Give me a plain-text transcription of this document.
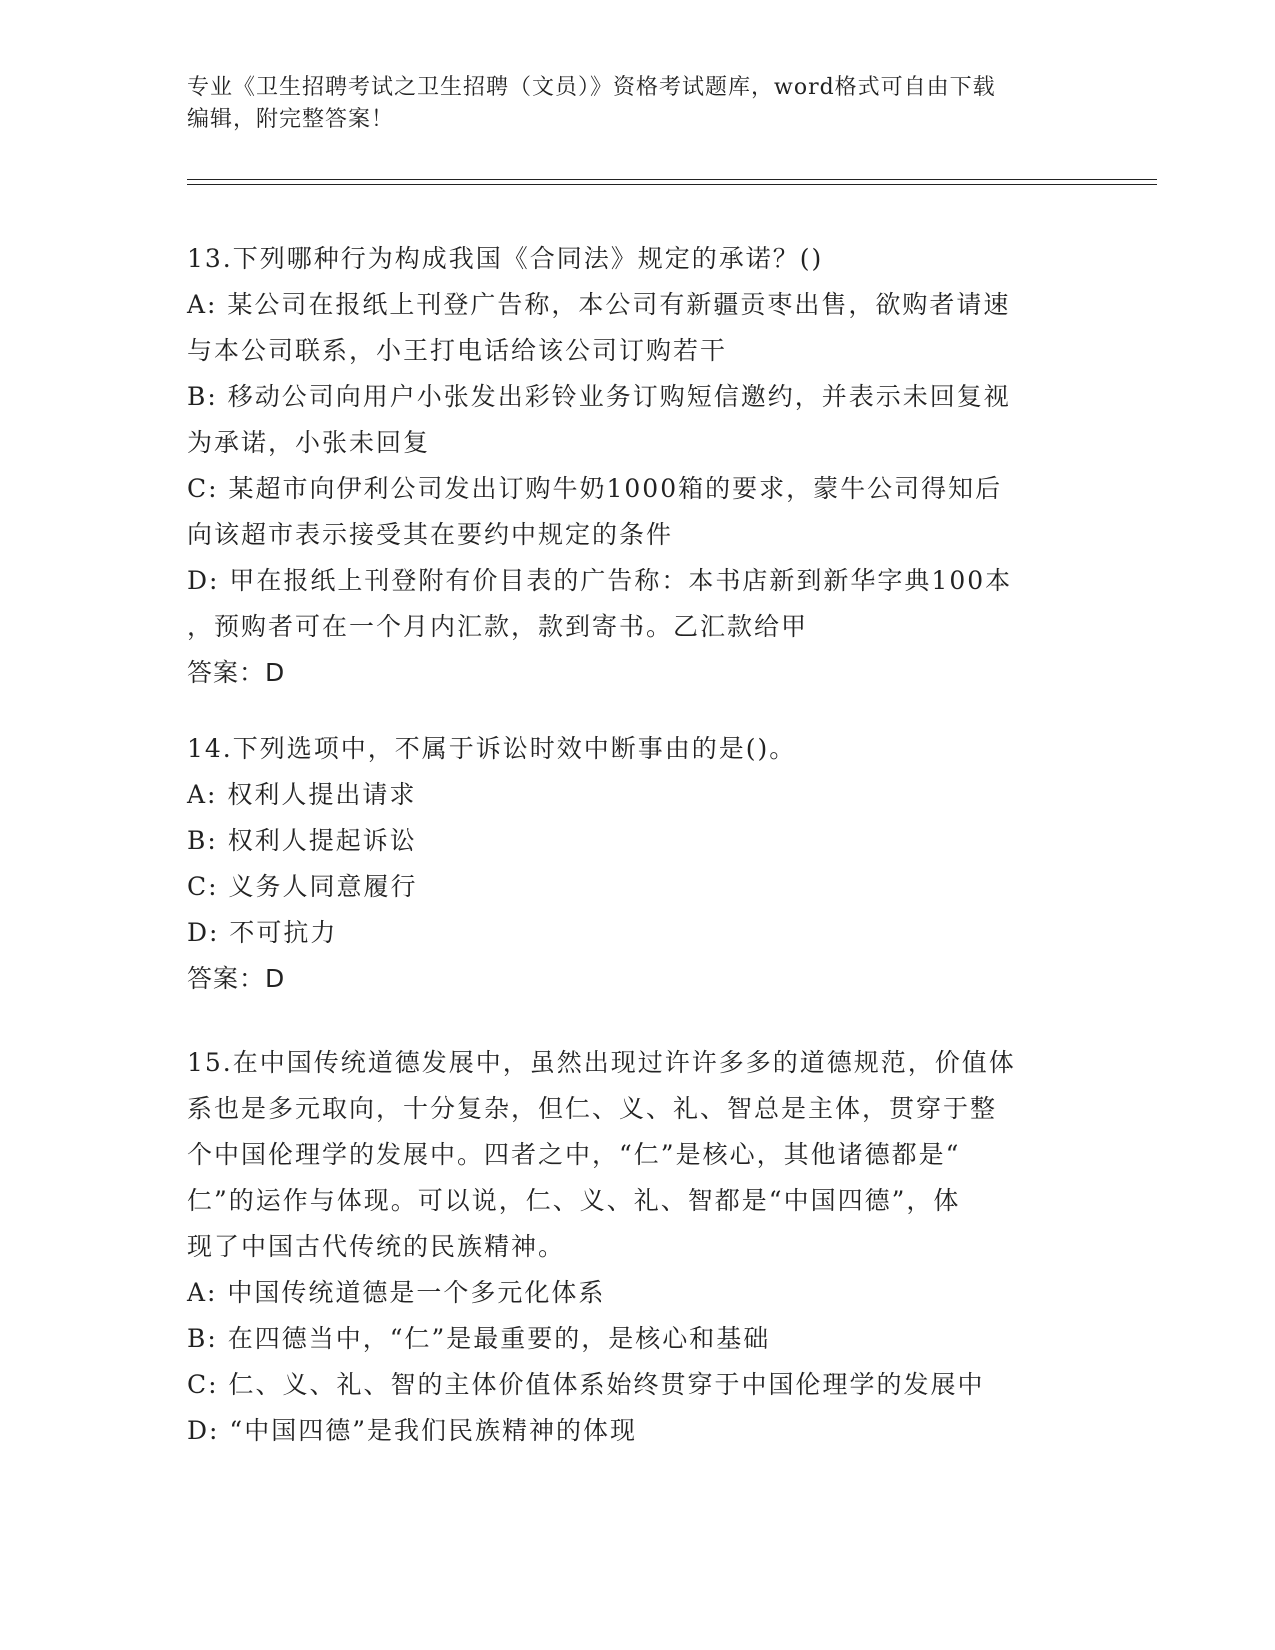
专业《卫生招聘考试之卫生招聘（文员）》资格考试题库，word格式可自由下载
编辑，附完整答案！
13.下列哪种行为构成我国《合同法》规定的承诺？()
A: 某公司在报纸上刊登广告称，本公司有新疆贡枣出售，欲购者请速
与本公司联系，小王打电话给该公司订购若干
B: 移动公司向用户小张发出彩铃业务订购短信邀约，并表示未回复视
为承诺，小张未回复
C: 某超市向伊利公司发出订购牛奶1000箱的要求，蒙牛公司得知后
向该超市表示接受其在要约中规定的条件
D: 甲在报纸上刊登附有价目表的广告称：本书店新到新华字典100本
，预购者可在一个月内汇款，款到寄书。乙汇款给甲
答案：D
14.下列选项中，不属于诉讼时效中断事由的是()。
A: 权利人提出请求
B: 权利人提起诉讼
C: 义务人同意履行
D: 不可抗力
答案：D
15.在中国传统道德发展中，虽然出现过许许多多的道德规范，价值体
系也是多元取向，十分复杂，但仁、义、礼、智总是主体，贯穿于整
个中国伦理学的发展中。四者之中，“仁”是核心，其他诸德都是“
仁”的运作与体现。可以说，仁、义、礼、智都是“中国四德”，体
现了中国古代传统的民族精神。
A: 中国传统道德是一个多元化体系
B: 在四德当中，“仁”是最重要的，是核心和基础
C: 仁、义、礼、智的主体价值体系始终贯穿于中国伦理学的发展中
D: “中国四德”是我们民族精神的体现
